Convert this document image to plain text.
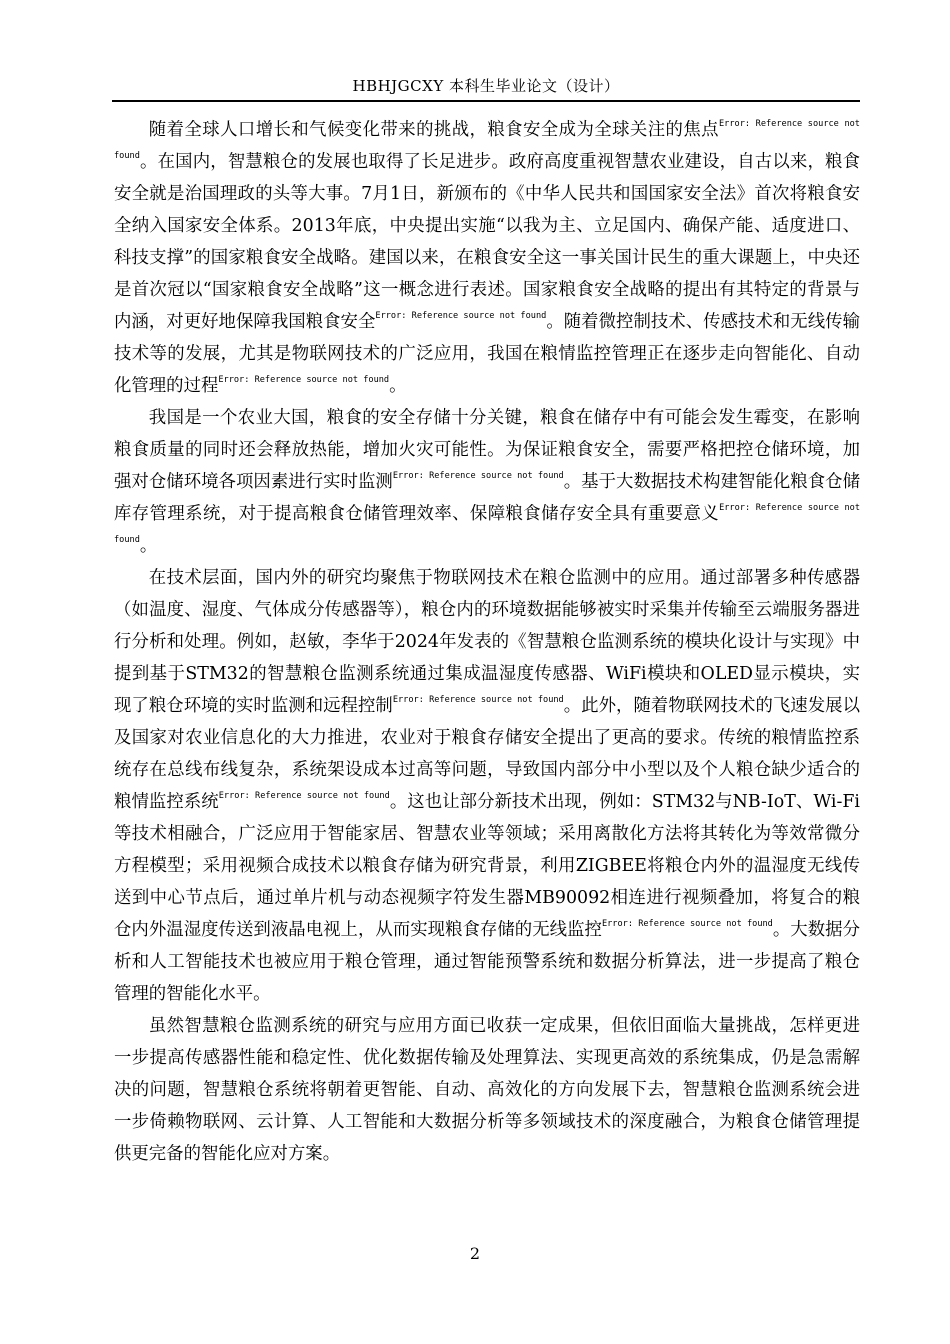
HBHJGCXY 本科生毕业论文（设计）

随着全球人口增长和气候变化带来的挑战，粮食安全成为全球关注的焦点$^{Error: Reference source not found}$。在国内，智慧粮仓的发展也取得了长足进步。政府高度重视智慧农业建设，自古以来，粮食安全就是治国理政的头等大事。7月1日，新颁布的《中华人民共和国国家安全法》首次将粮食安全纳入国家安全体系。2013年底，中央提出实施“以我为主、立足国内、确保产能、适度进口、科技支撑”的国家粮食安全战略。建国以来，在粮食安全这一事关国计民生的重大课题上，中央还是首次冠以“国家粮食安全战略”这一概念进行表述。国家粮食安全战略的提出有其特定的背景与内涵，对更好地保障我国粮食安全$^{Error: Reference source not found}$。随着微控制技术、传感技术和无线传输技术等的发展，尤其是物联网技术的广泛应用，我国在粮情监控管理正在逐步走向智能化、自动化管理的过程$^{Error: Reference source not found}$。

我国是一个农业大国，粮食的安全存储十分关键，粮食在储存中有可能会发生霉变，在影响粮食质量的同时还会释放热能，增加火灾可能性。为保证粮食安全，需要严格把控仓储环境，加强对仓储环境各项因素进行实时监测$^{Error: Reference source not found}$。基于大数据技术构建智能化粮食仓储库存管理系统，对于提高粮食仓储管理效率、保障粮食储存安全具有重要意义$^{Error: Reference source not found}$。

在技术层面，国内外的研究均聚焦于物联网技术在粮仓监测中的应用。通过部署多种传感器（如温度、湿度、气体成分传感器等），粮仓内的环境数据能够被实时采集并传输至云端服务器进行分析和处理。例如，赵敏，李华于2024年发表的《智慧粮仓监测系统的模块化设计与实现》中提到基于STM32的智慧粮仓监测系统通过集成温湿度传感器、WiFi模块和OLED显示模块，实现了粮仓环境的实时监测和远程控制$^{Error: Reference source not found}$。此外，随着物联网技术的飞速发展以及国家对农业信息化的大力推进，农业对于粮食存储安全提出了更高的要求。传统的粮情监控系统存在总线布线复杂，系统架设成本过高等问题，导致国内部分中小型以及个人粮仓缺少适合的粮情监控系统$^{Error: Reference source not found}$。这也让部分新技术出现，例如：STM32与NB-IoT、Wi-Fi等技术相融合，广泛应用于智能家居、智慧农业等领域；采用离散化方法将其转化为等效常微分方程模型；采用视频合成技术以粮食存储为研究背景，利用ZIGBEE将粮仓内外的温湿度无线传送到中心节点后，通过单片机与动态视频字符发生器MB90092相连进行视频叠加，将复合的粮仓内外温湿度传送到液晶电视上，从而实现粮食存储的无线监控$^{Error: Reference source not found}$。大数据分析和人工智能技术也被应用于粮仓管理，通过智能预警系统和数据分析算法，进一步提高了粮仓管理的智能化水平。

虽然智慧粮仓监测系统的研究与应用方面已收获一定成果，但依旧面临大量挑战，怎样更进一步提高传感器性能和稳定性、优化数据传输及处理算法、实现更高效的系统集成，仍是急需解决的问题，智慧粮仓系统将朝着更智能、自动、高效化的方向发展下去，智慧粮仓监测系统会进一步倚赖物联网、云计算、人工智能和大数据分析等多领域技术的深度融合，为粮食仓储管理提供更完备的智能化应对方案。

2
